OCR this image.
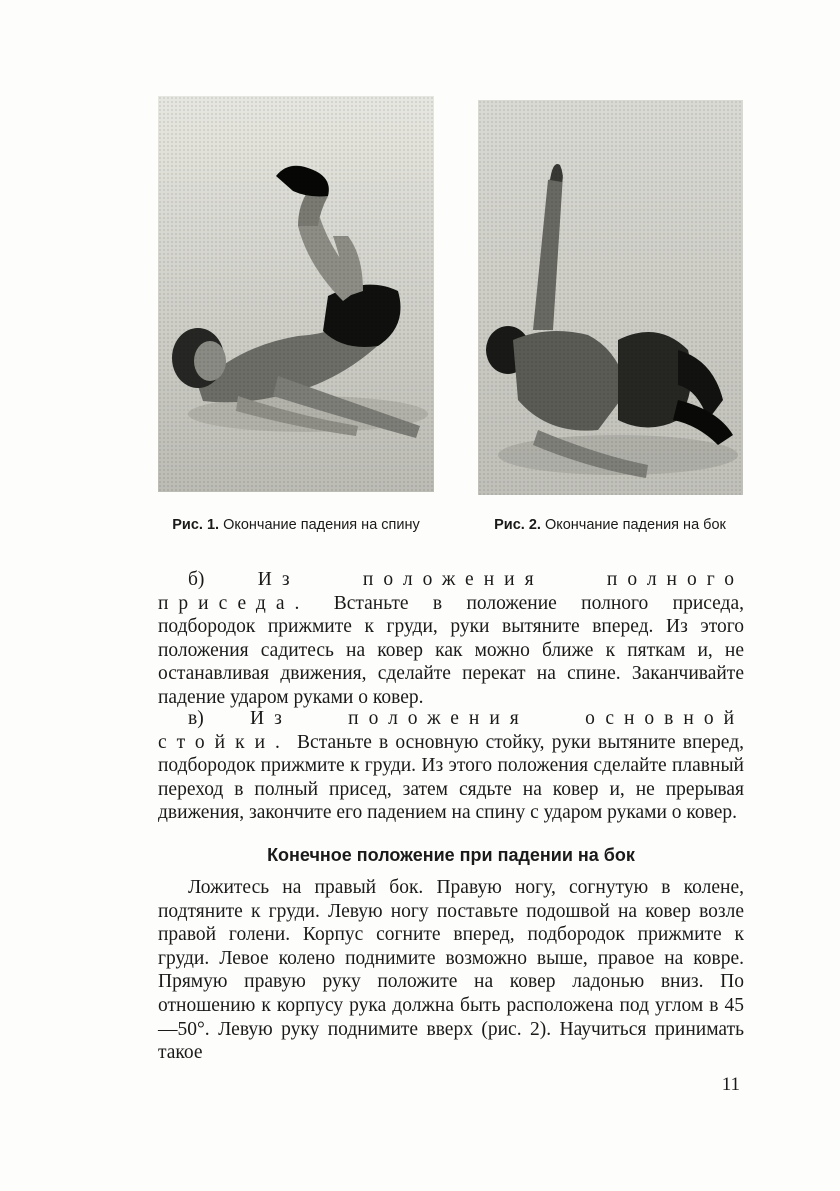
Рис. 1. Окончание падения на спину	Рис. 2. Окончание падения на бок

б)	Из положения полного приседа. Встаньте в положение полного приседа, подбородок прижмите к груди, руки вытяните вперед. Из этого положения садитесь на ковер как можно ближе к пяткам и, не останавливая движения, сделайте перекат на спине. Заканчивайте падение ударом руками о ковер.

в) Из положения основной стойки. Встаньте в основную стойку, руки вытяните вперед, подбородок прижмите к груди. Из этого положения сделайте плавный переход в полный присед, затем сядьте на ковер и, не прерывая движения, закончите его падением на спину с ударом руками о ковер.

Конечное положение при падении на бок

Ложитесь на правый бок. Правую ногу, согнутую в колене, подтяните к груди. Левую ногу поставьте подошвой на ковер возле правой голени. Корпус согните вперед, подбородок прижмите к груди. Левое колено поднимите возможно выше, правое на ковре. Прямую правую руку положите на ковер ладонью вниз. По отношению к корпусу рука должна быть расположена под углом в 45—50°. Левую руку поднимите вверх (рис. 2). Научиться принимать такое

11
